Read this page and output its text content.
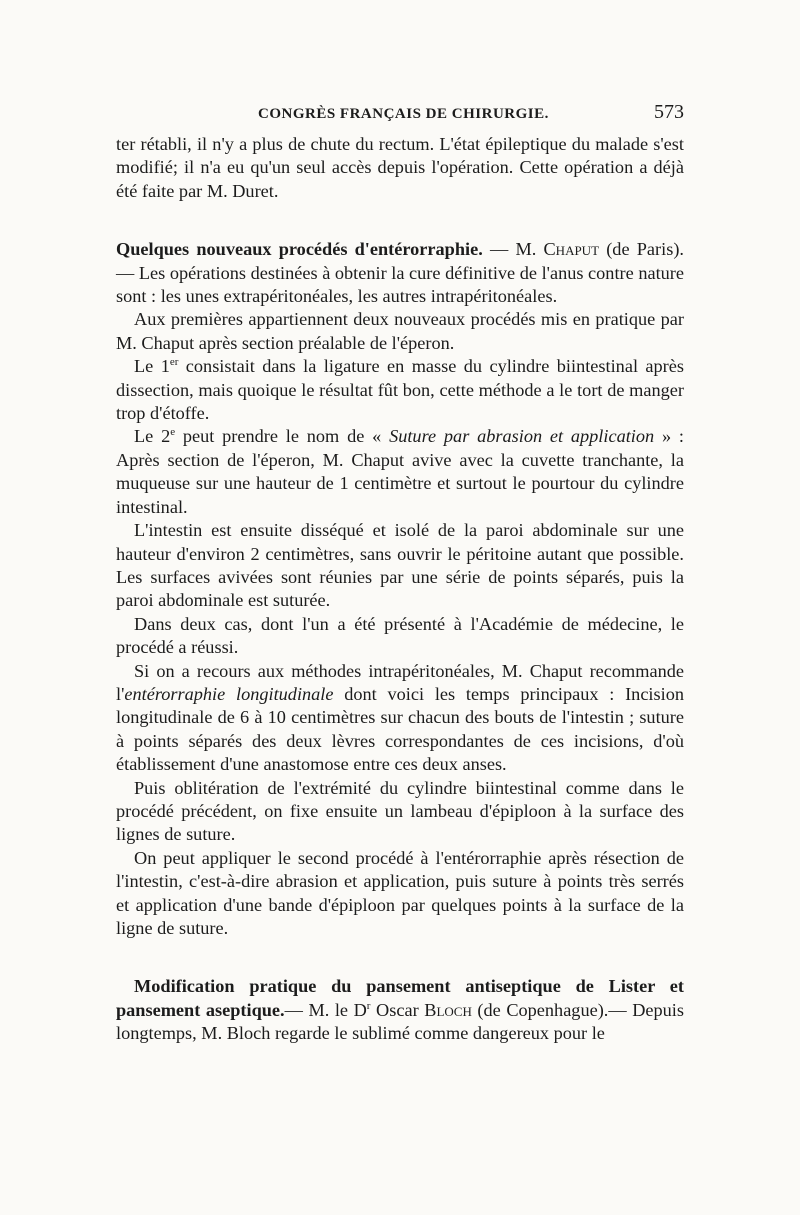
CONGRÈS FRANÇAIS DE CHIRURGIE.	573

ter rétabli, il n'y a plus de chute du rectum. L'état épileptique du malade s'est modifié; il n'a eu qu'un seul accès depuis l'opération. Cette opération a déjà été faite par M. Duret.

Quelques nouveaux procédés d'entérorraphie. — M. Chaput (de Paris). — Les opérations destinées à obtenir la cure définitive de l'anus contre nature sont : les unes extrapéritonéales, les autres intrapéritonéales.

Aux premières appartiennent deux nouveaux procédés mis en pratique par M. Chaput après section préalable de l'éperon.

Le 1er consistait dans la ligature en masse du cylindre biintestinal après dissection, mais quoique le résultat fût bon, cette méthode a le tort de manger trop d'étoffe.

Le 2e peut prendre le nom de « Suture par abrasion et application » : Après section de l'éperon, M. Chaput avive avec la cuvette tranchante, la muqueuse sur une hauteur de 1 centimètre et surtout le pourtour du cylindre intestinal.

L'intestin est ensuite disséqué et isolé de la paroi abdominale sur une hauteur d'environ 2 centimètres, sans ouvrir le péritoine autant que possible. Les surfaces avivées sont réunies par une série de points séparés, puis la paroi abdominale est suturée.

Dans deux cas, dont l'un a été présenté à l'Académie de médecine, le procédé a réussi.

Si on a recours aux méthodes intrapéritonéales, M. Chaput recommande l'entérorraphie longitudinale dont voici les temps principaux : Incision longitudinale de 6 à 10 centimètres sur chacun des bouts de l'intestin ; suture à points séparés des deux lèvres correspondantes de ces incisions, d'où établissement d'une anastomose entre ces deux anses.

Puis oblitération de l'extrémité du cylindre biintestinal comme dans le procédé précédent, on fixe ensuite un lambeau d'épiploon à la surface des lignes de suture.

On peut appliquer le second procédé à l'entérorraphie après résection de l'intestin, c'est-à-dire abrasion et application, puis suture à points très serrés et application d'une bande d'épiploon par quelques points à la surface de la ligne de suture.

Modification pratique du pansement antiseptique de Lister et pansement aseptique.— M. le $D^r$ Oscar Bloch (de Copenhague).— Depuis longtemps, M. Bloch regarde le sublimé comme dangereux pour le
